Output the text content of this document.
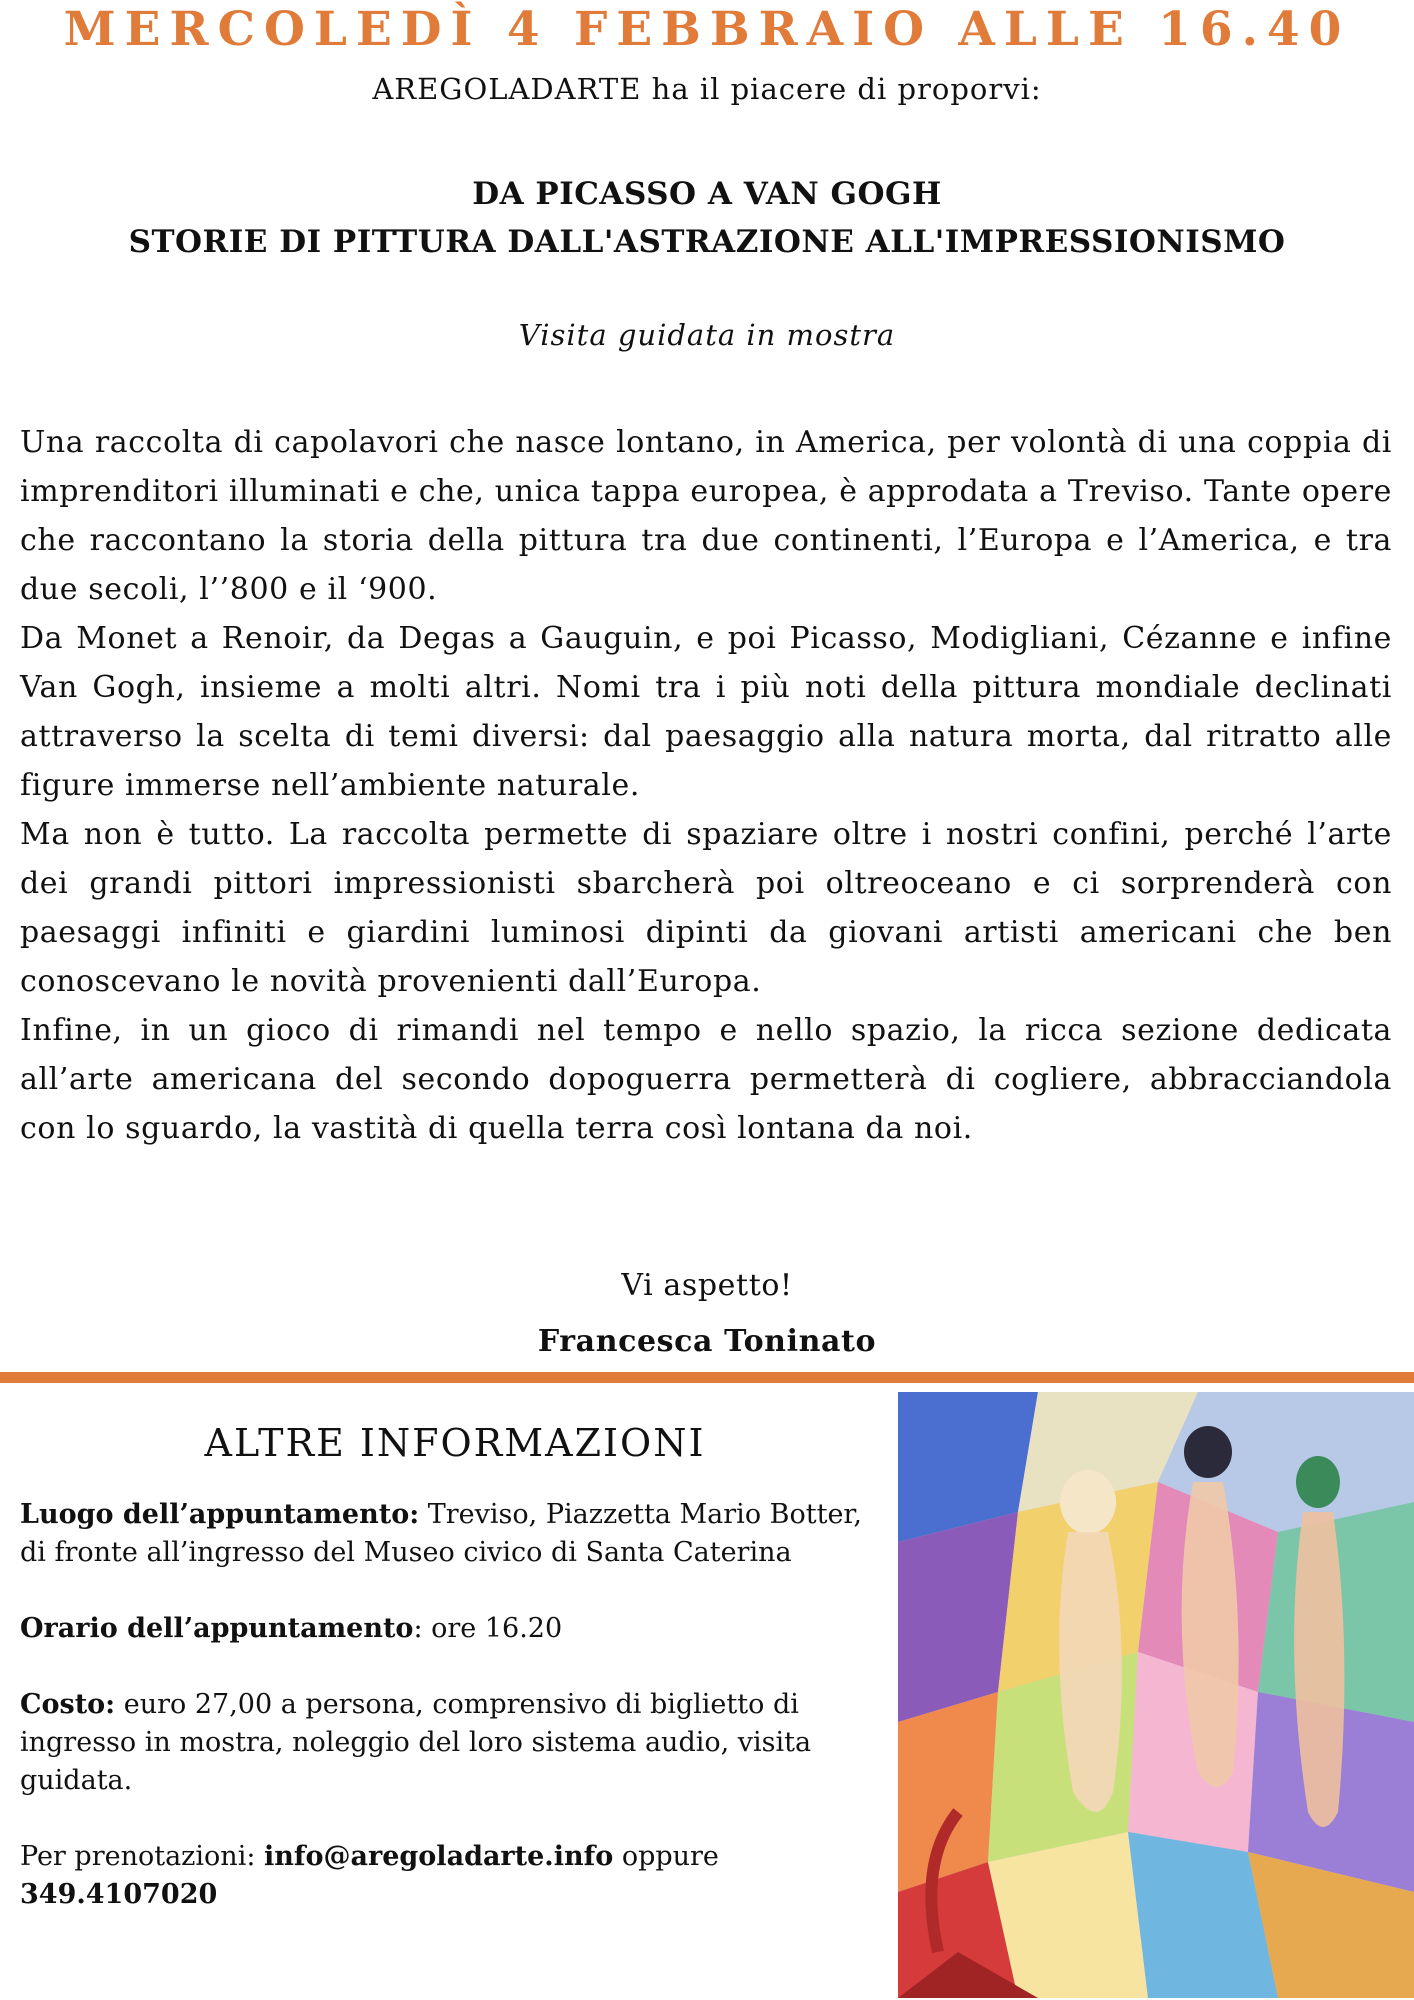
MERCOLEDÌ 4 FEBBRAIO ALLE 16.40
AREGOLADARTE ha il piacere di proporvi:
DA PICASSO A VAN GOGH
STORIE DI PITTURA DALL'ASTRAZIONE ALL'IMPRESSIONISMO
Visita guidata in mostra

Una raccolta di capolavori che nasce lontano, in America, per volontà di una coppia di imprenditori illuminati e che, unica tappa europea, è approdata a Treviso. Tante opere che raccontano la storia della pittura tra due continenti, l’Europa e l’America, e tra due secoli, l’’800 e il ‘900.

Da Monet a Renoir, da Degas a Gauguin, e poi Picasso, Modigliani, Cézanne e infine Van Gogh, insieme a molti altri. Nomi tra i più noti della pittura mondiale declinati attraverso la scelta di temi diversi: dal paesaggio alla natura morta, dal ritratto alle figure immerse nell’ambiente naturale.

Ma non è tutto. La raccolta permette di spaziare oltre i nostri confini, perché l’arte dei grandi pittori impressionisti sbarcherà poi oltreoceano e ci sorprenderà con paesaggi infiniti e giardini luminosi dipinti da giovani artisti americani che ben conoscevano le novità provenienti dall’Europa.

Infine, in un gioco di rimandi nel tempo e nello spazio, la ricca sezione dedicata all’arte americana del secondo dopoguerra permetterà di cogliere, abbracciandola con lo sguardo, la vastità di quella terra così lontana da noi.

Vi aspetto!
Francesca Toninato
ALTRE INFORMAZIONI

Luogo dell’appuntamento: Treviso, Piazzetta Mario Botter, di fronte all’ingresso del Museo civico di Santa Caterina

Orario dell’appuntamento: ore 16.20

Costo: euro 27,00 a persona, comprensivo di biglietto di ingresso in mostra, noleggio del loro sistema audio, visita guidata.

Per prenotazioni: info@aregoladarte.info oppure
349.4107020
